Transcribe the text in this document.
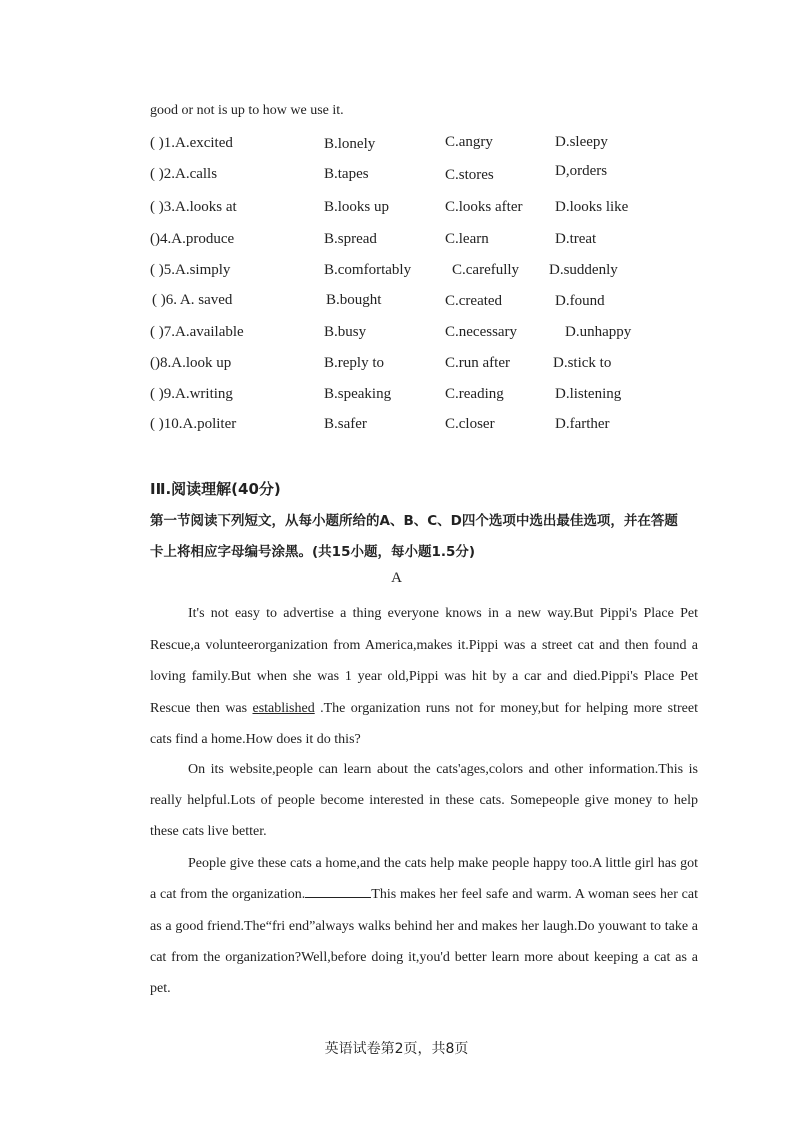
good or not is up to how we use it.
( )1.A.excited	B.lonely	C.angry	D.sleepy
( )2.A.calls	B.tapes	C.stores	D,orders
( )3.A.looks at	B.looks up	C.looks after D.looks like
()4.A.produce	B.spread	C.learn	D.treat
( )5.A.simply	B.comfortably	C.carefully D.suddenly
( )6. A. saved	B.bought	C.created	D.found
( )7.A.available	B.busy	C.necessary	D.unhappy
()8.A.look up	B.reply to	C.run after	D.stick to
( )9.A.writing	B.speaking	C.reading	D.listening
( )10.A.politer	B.safer	C.closer	D.farther
IⅡ.阅读理解(40分)
第一节阅读下列短文，从每小题所给的A、B、C、D四个选项中选出最佳选项，并在答题
卡上将相应字母编号涂黑。(共15小题，每小题1.5分)
A
It's not easy to advertise a thing everyone knows in a new way.But Pippi's Place Pet Rescue,a volunteerorganization from America,makes it.Pippi was a street cat and then found a loving family.But when she was 1 year old,Pippi was hit by a car and died.Pippi's Place Pet Rescue then was established .The organization runs not for money,but for helping more street cats find a home.How does it do this?
On its website,people can learn about the cats'ages,colors and other information.This is really helpful.Lots of people become interested in these cats. Somepeople give money to help these cats live better.
People give these cats a home,and the cats help make people happy too.A little girl has got a cat from the organization.	This makes her feel safe and warm. A woman sees her cat as a good friend.The“fri end”always walks behind her and makes her laugh.Do youwant to take a cat from the organization?Well,before doing it,you'd better learn more about keeping a cat as a pet.
英语试卷第2页，共8页
